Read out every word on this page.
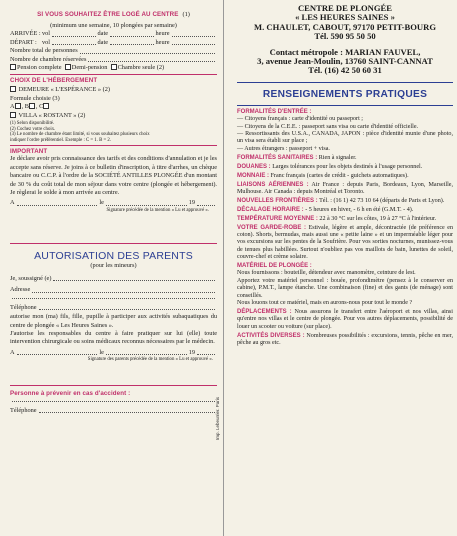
SI VOUS SOUHAITEZ ÊTRE LOGÉ AU CENTRE (1)
(minimum une semaine, 10 plongées par semaine)
ARRIVÉE : vol	date	heure
DÉPART : vol	date	heure
Nombre total de personnes
Nombre de chambre réservées
Pension complete Demi-pension Chambre seule (2)
CHOIX DE L'HÉBERGEMENT
DEMEURE « L'ESPÉRANCE » (2)
Formule choisie (3)
A , B , C
VILLA « ROSTANT » (2)
(1) Selon disponibilité.
(2) Cochez votre choix.
(3) Le nombre de chambre étant limité, si vous souhaitez plusieurs choix
indiquer l'ordre préférentiel. Exemple : C = 1. B = 2.
IMPORTANT
Je déclare avoir pris connaissance des tarifs et des conditions d'annulation et je les accepte sans réserve. Je joins à ce bulletin d'inscription, à titre d'arrhes, un chèque bancaire ou C.C.P. à l'ordre de la SOCIÉTÉ ANTILLES PLONGÉE d'un montant de 30 % du coût total de mon séjour dans votre centre (plongée et hébergement). Je règlerai le solde à mon arrivée au centre.
A	le	19
Signature précédée de la mention « Lu et approuvé ».
AUTORISATION DES PARENTS
(pour les mineurs)
Je, soussigné (e)
Adresse
Téléphone
autorise mon (ma) fils, fille, pupille à participer aux activités subaquatiques du centre de plongée « Les Heures Saines ».
J'autorise les responsables du centre à faire pratiquer sur lui (elle) toute intervention chirurgicale ou soins médicaux reconnus nécessaires par le médecin.
A	le	19
Signature des parents précédée de la mention « Lu et approuvé ».
Personne à prévenir en cas d'accident :
Téléphone	Imp. Lebeurrier. Paris
CENTRE DE PLONGÉE
« LES HEURES SAINES »
M. CHAULET, CABOUT, 97170 PETIT-BOURG
Tél. 590 95 50 50
Contact métropole : MARIAN FAUVEL,
3, avenue Jean-Moulin, 13760 SAINT-CANNAT
Tél. (16) 42 50 60 31
RENSEIGNEMENTS PRATIQUES
FORMALITÉS D'ENTRÉE :
— Citoyens français : carte d'identité ou passeport ;
— Citoyens de la C.E.E. : passeport sans visa ou carte d'identité officielle.
— Ressortissants des U.S.A., CANADA, JAPON : pièce d'identité munie d'une photo, un visa sera établi sur place ;
— Autres étrangers : passeport + visa.
FORMALITÉS SANITAIRES : Rien à signaler.
DOUANES : Larges tolérances pour les objets destinés à l'usage personnel.
MONNAIE : Franc français (cartes de crédit - guichets automatiques).
LIAISONS AÉRIENNES : Air France : depuis Paris, Bordeaux, Lyon, Marseille, Mulhouse. Air Canada : depuis Montréal et Toronto.
NOUVELLES FRONTIÈRES : Tél. : (16 1) 42 73 10 64 (départs de Paris et Lyon).
DÉCALAGE HORAIRE : - 5 heures en hiver, - 6 h en été (G.M.T. - 4).
TEMPÉRATURE MOYENNE : 22 à 30 °C sur les côtes, 19 à 27 °C à l'intérieur.
VOTRE GARDE-ROBE : Estivale, légère et ample, décontractée (de préférence en coton). Shorts, bermudas, mais aussi une « petite laine » et un imperméable léger pour vos excursions sur les pentes de la Soufrière. Pour vos sorties nocturnes, munissez-vous de tenues plus habillées. Surtout n'oubliez pas vos maillots de bain, lunettes de soleil, couvre-chef et crème solaire.
MATÉRIEL DE PLONGÉE :
Nous fournissons : bouteille, détendeur avec manomètre, ceinture de lest.
Apportez votre matériel personnel : bouée, profondimètre (pensez à le conserver en cabine), P.M.T., lampe étanche. Une combinaison (fine) et des gants (de ménage) sont conseillés.
Nous louons tout ce matériel, mais en aurons-nous pour tout le monde ?
DÉPLACEMENTS : Nous assurons le transfert entre l'aéroport et nos villas, ainsi qu'entre nos villas et le centre de plongée. Pour vos autres déplacements, possibilité de louer un scooter ou voiture (sur place).
ACTIVITÉS DIVERSES : Nombreuses possibilités : excursions, tennis, pêche en mer, pêche au gros etc.
